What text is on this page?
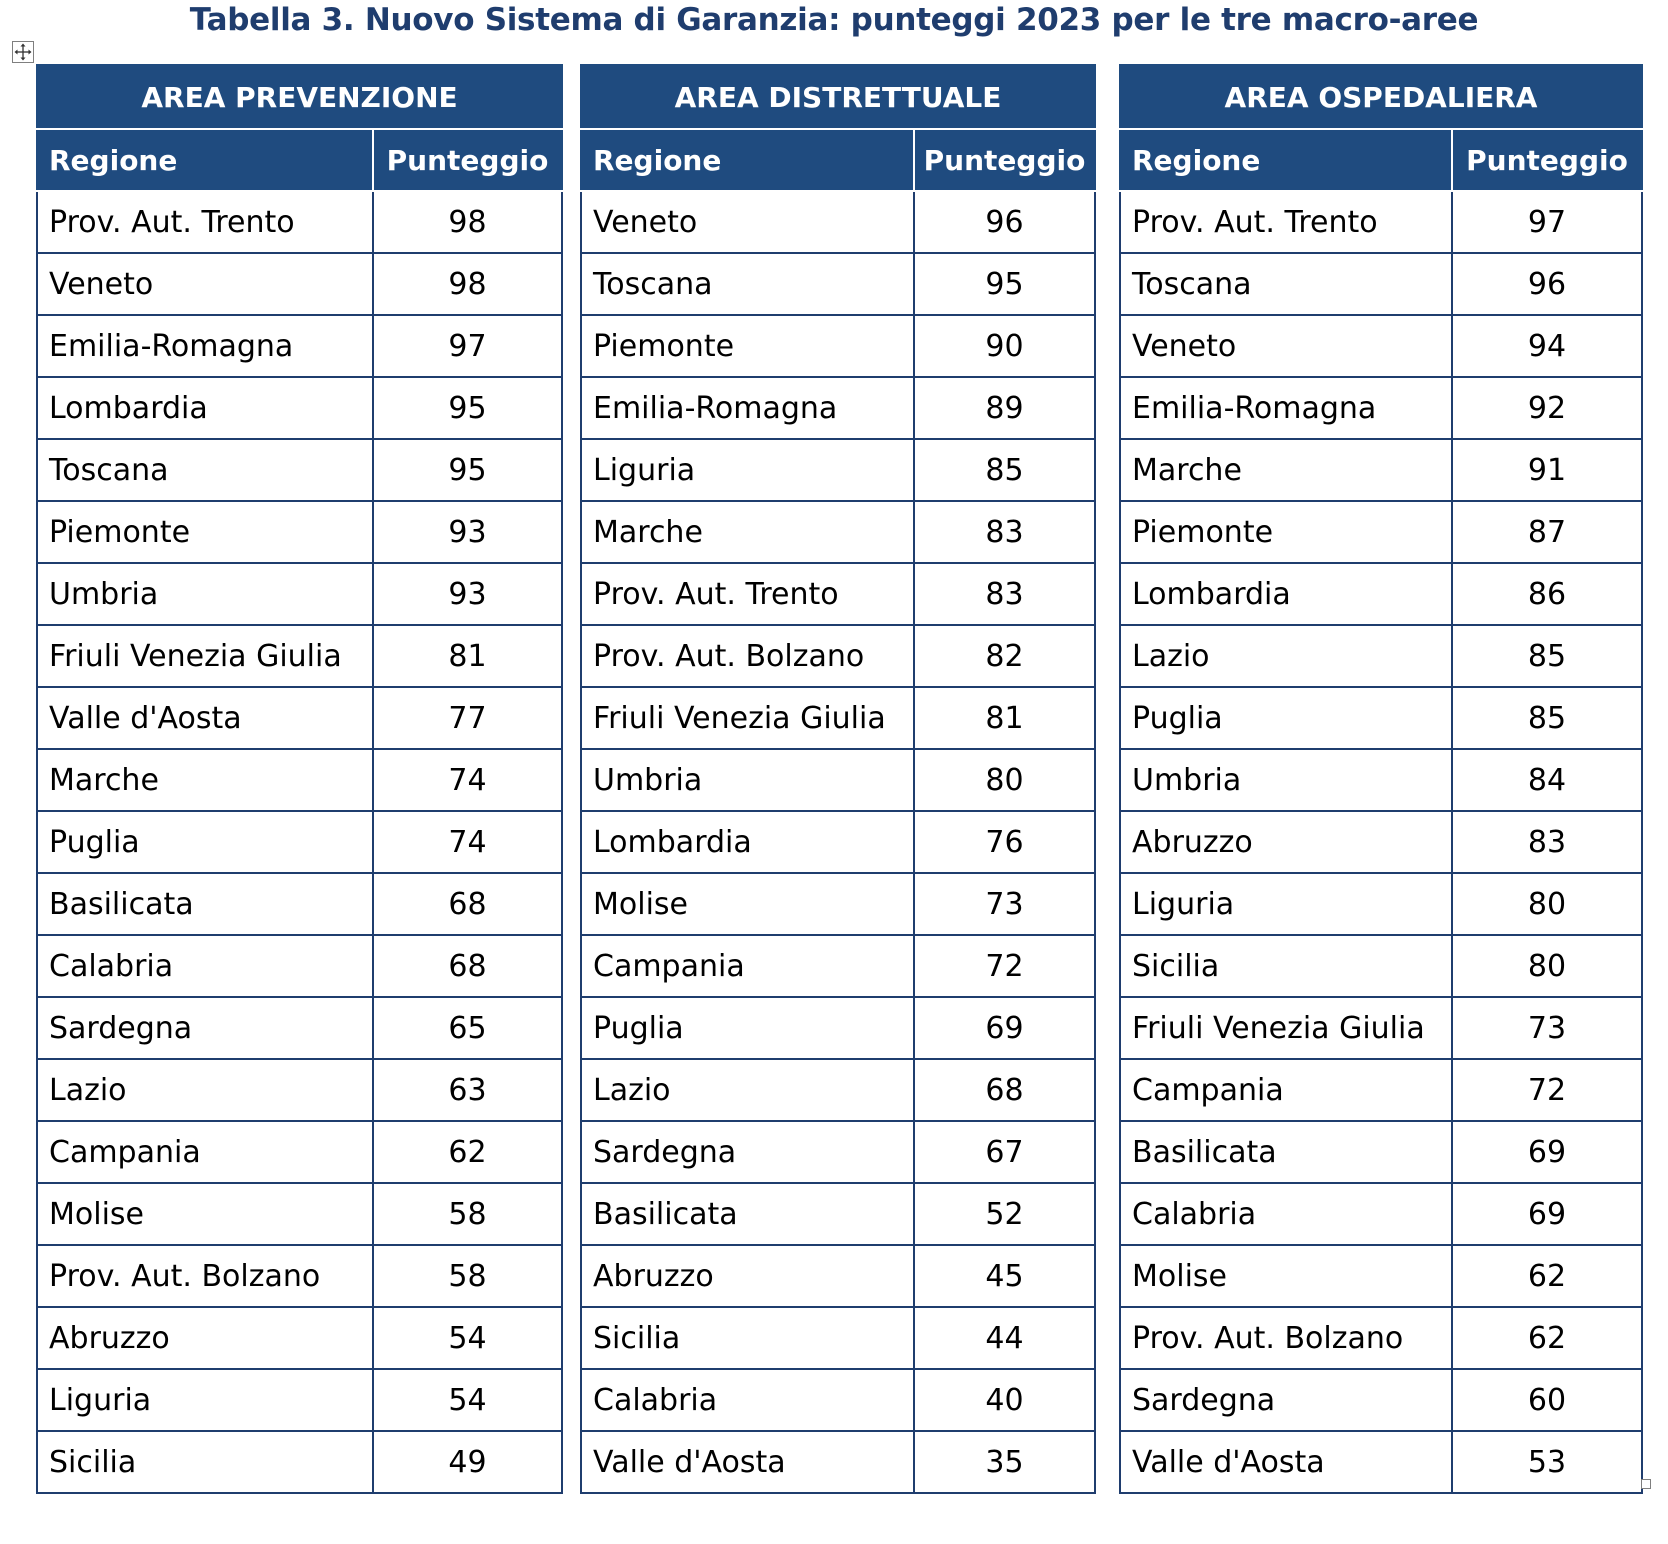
Tabella 3. Nuovo Sistema di Garanzia: punteggi 2023 per le tre macro-aree
AREA PREVENZIONE	
Regione	Punteggio
Prov. Aut. Trento	98
Veneto	98
Emilia-Romagna	97
Lombardia	95
Toscana	95
Piemonte	93
Umbria	93
Friuli Venezia Giulia	81
Valle d'Aosta	77
Marche	74
Puglia	74
Basilicata	68
Calabria	68
Sardegna	65
Lazio	63
Campania	62
Molise	58
Prov. Aut. Bolzano	58
Abruzzo	54
Liguria	54
Sicilia	49
AREA DISTRETTUALE	
Regione	Punteggio
Veneto	96
Toscana	95
Piemonte	90
Emilia-Romagna	89
Liguria	85
Marche	83
Prov. Aut. Trento	83
Prov. Aut. Bolzano	82
Friuli Venezia Giulia	81
Umbria	80
Lombardia	76
Molise	73
Campania	72
Puglia	69
Lazio	68
Sardegna	67
Basilicata	52
Abruzzo	45
Sicilia	44
Calabria	40
Valle d'Aosta	35
AREA OSPEDALIERA	
Regione	Punteggio
Prov. Aut. Trento	97
Toscana	96
Veneto	94
Emilia-Romagna	92
Marche	91
Piemonte	87
Lombardia	86
Lazio	85
Puglia	85
Umbria	84
Abruzzo	83
Liguria	80
Sicilia	80
Friuli Venezia Giulia	73
Campania	72
Basilicata	69
Calabria	69
Molise	62
Prov. Aut. Bolzano	62
Sardegna	60
Valle d'Aosta	53
